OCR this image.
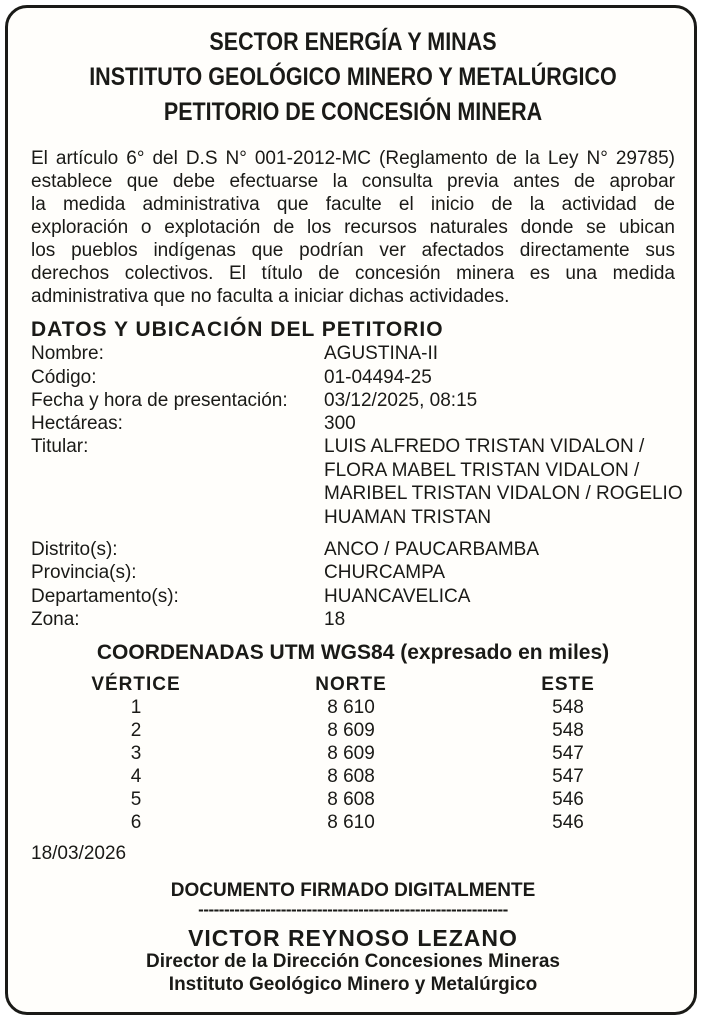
SECTOR ENERGÍA Y MINAS
INSTITUTO GEOLÓGICO MINERO Y METALÚRGICO
PETITORIO DE CONCESIÓN MINERA
El artículo 6° del D.S N° 001-2012-MC (Reglamento de la Ley N° 29785)
establece que debe efectuarse la consulta previa antes de aprobar
la medida administrativa que faculte el inicio de la actividad de
exploración o explotación de los recursos naturales donde se ubican
los pueblos indígenas que podrían ver afectados directamente sus
derechos colectivos. El título de concesión minera es una medida
administrativa que no faculta a iniciar dichas actividades.
DATOS Y UBICACIÓN DEL PETITORIO
Nombre:	AGUSTINA-II
Código:	01-04494-25
Fecha y hora de presentación: 03/12/2025, 08:15
Hectáreas:	300
Titular:	LUIS ALFREDO TRISTAN VIDALON /
FLORA MABEL TRISTAN VIDALON /
MARIBEL TRISTAN VIDALON / ROGELIO
HUAMAN TRISTAN
Distrito(s):	ANCO / PAUCARBAMBA
Provincia(s):	CHURCAMPA
Departamento(s):	HUANCAVELICA
Zona:	18
COORDENADAS UTM WGS84 (expresado en miles)
VÉRTICE	NORTE	ESTE
1	8 610	548
2	8 609	548
3	8 609	547
4	8 608	547
5	8 608	546
6	8 610	546
18/03/2026
DOCUMENTO FIRMADO DIGITALMENTE
------------------------------------------------------------
VICTOR REYNOSO LEZANO
Director de la Dirección Concesiones Mineras
Instituto Geológico Minero y Metalúrgico
